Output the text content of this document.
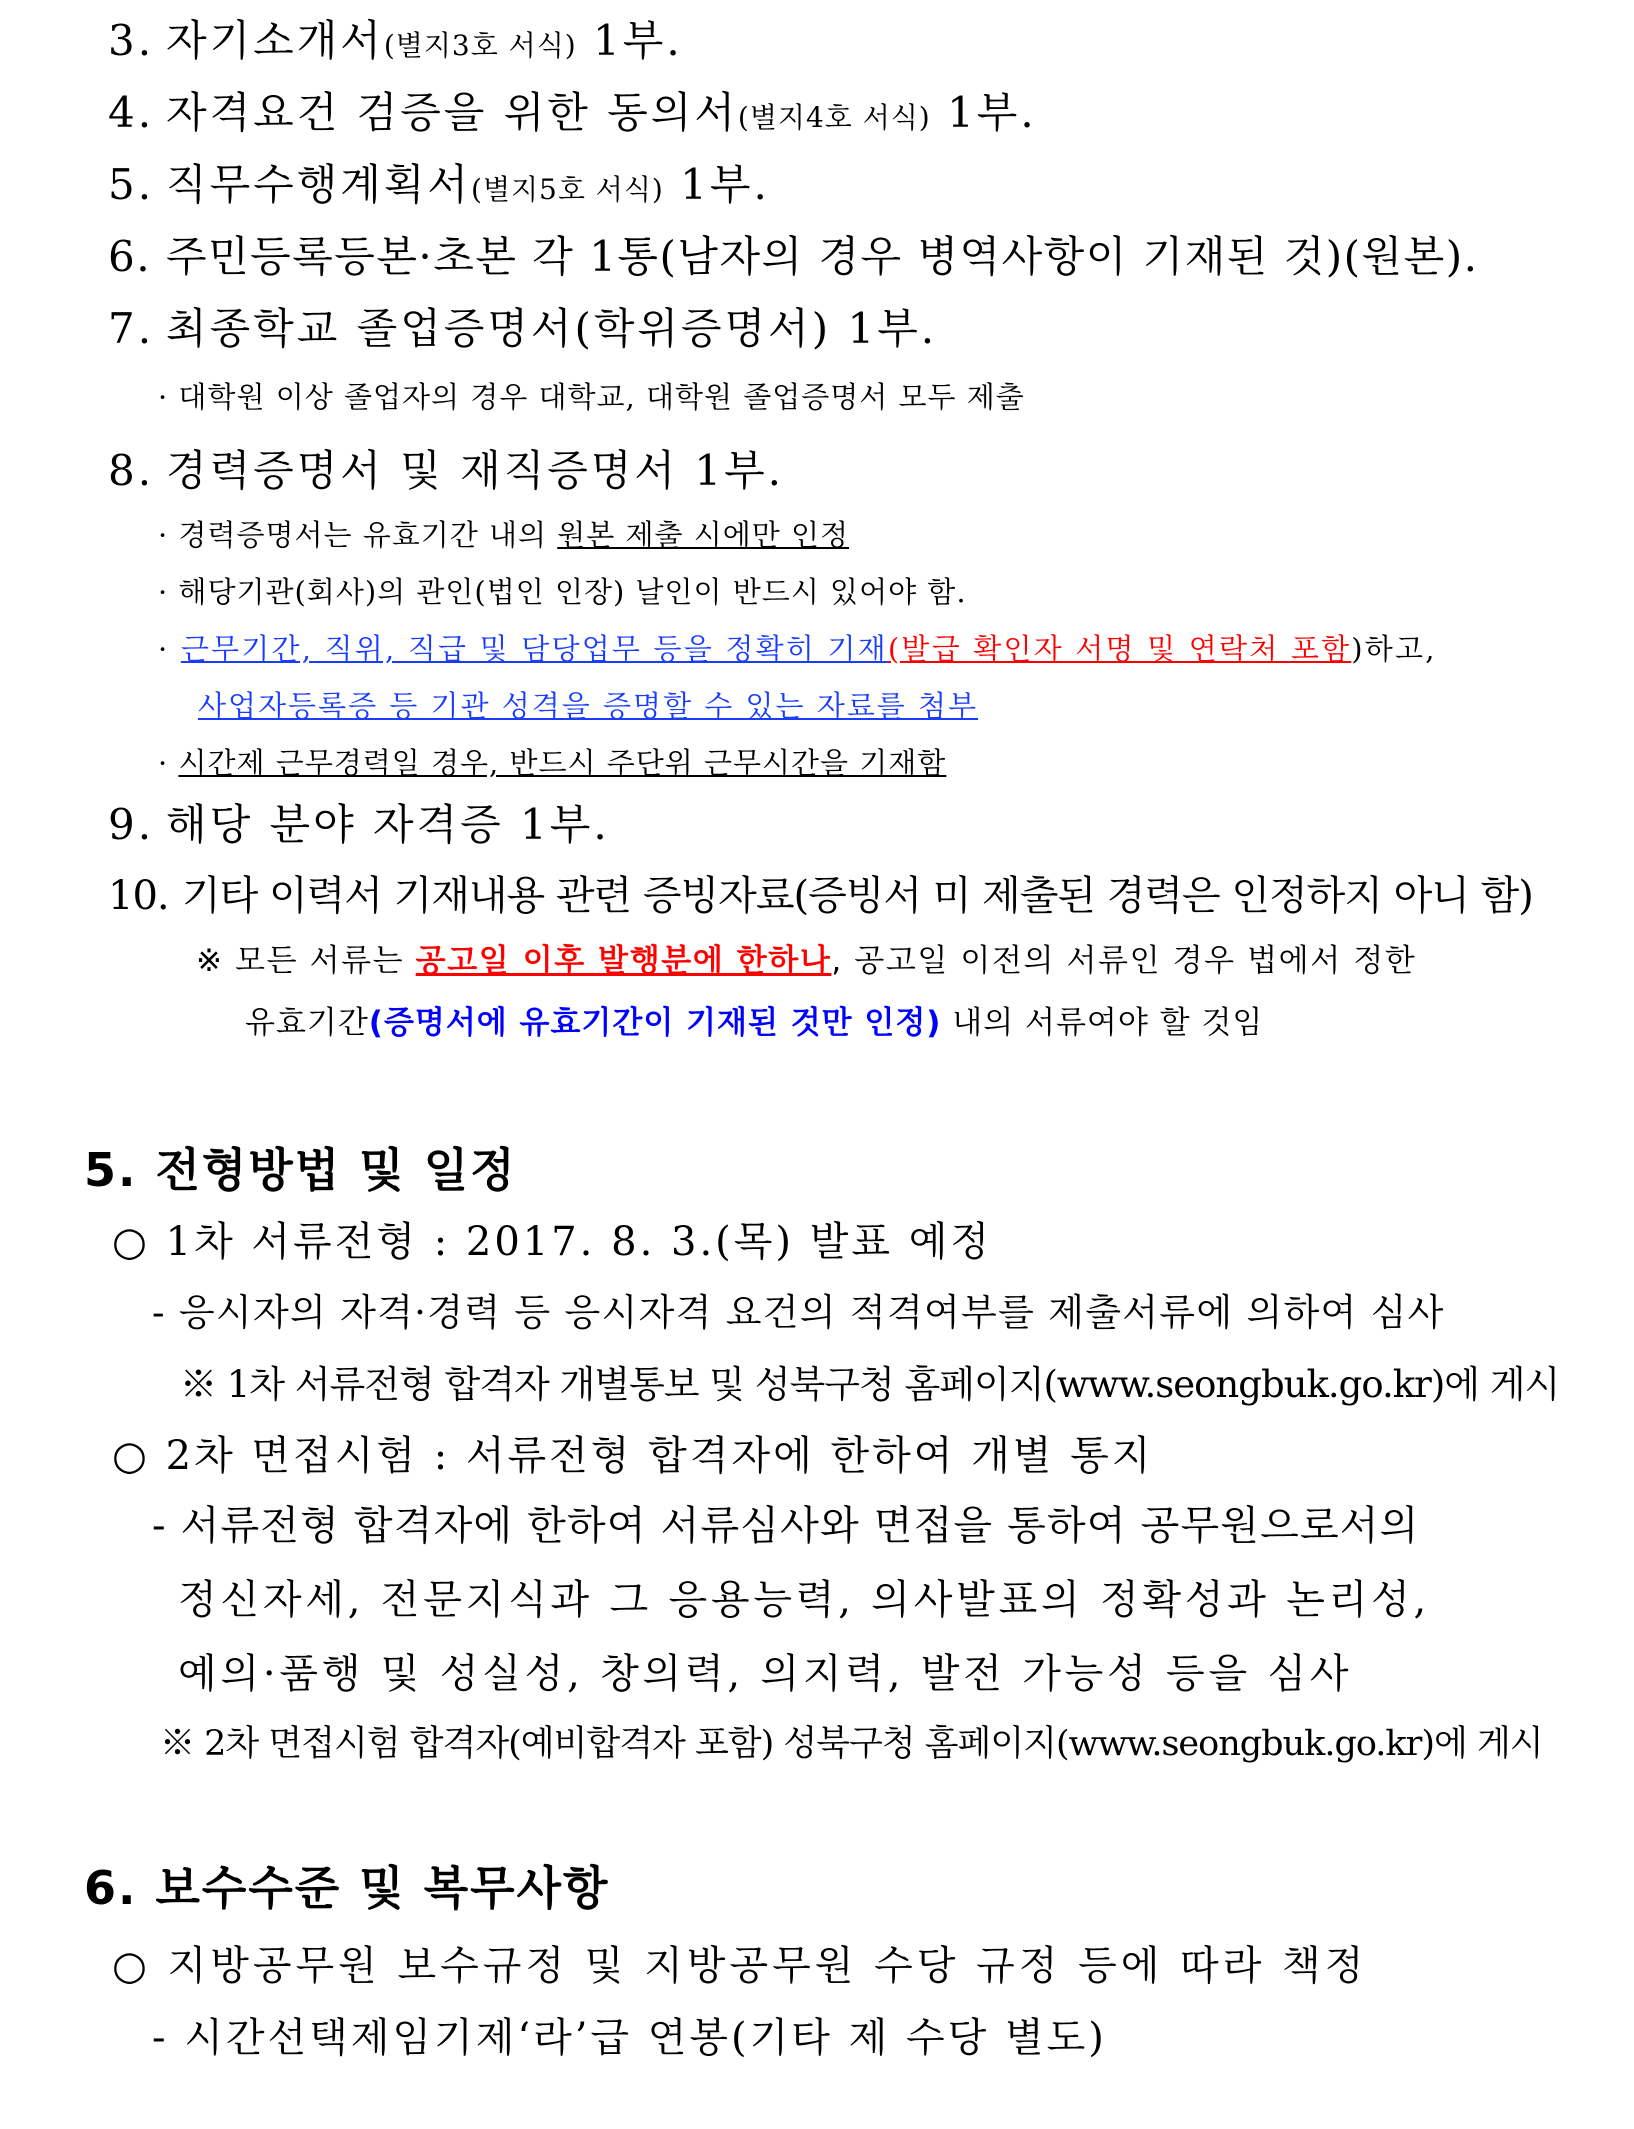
3. 자기소개서(별지3호 서식) 1부.
4. 자격요건 검증을 위한 동의서(별지4호 서식) 1부.
5. 직무수행계획서(별지5호 서식) 1부.
6. 주민등록등본·초본 각 1통(남자의 경우 병역사항이 기재된 것)(원본).
7. 최종학교 졸업증명서(학위증명서) 1부.
· 대학원 이상 졸업자의 경우 대학교, 대학원 졸업증명서 모두 제출
8. 경력증명서 및 재직증명서 1부.
· 경력증명서는 유효기간 내의 원본 제출 시에만 인정
· 해당기관(회사)의 관인(법인 인장) 날인이 반드시 있어야 함.
· 근무기간, 직위, 직급 및 담당업무 등을 정확히 기재(발급 확인자 서명 및 연락처 포함)하고,
사업자등록증 등 기관 성격을 증명할 수 있는 자료를 첨부
· 시간제 근무경력일 경우, 반드시 주단위 근무시간을 기재함
9. 해당 분야 자격증 1부.
10. 기타 이력서 기재내용 관련 증빙자료(증빙서 미 제출된 경력은 인정하지 아니 함)
※ 모든 서류는 공고일 이후 발행분에 한하나, 공고일 이전의 서류인 경우 법에서 정한
유효기간(증명서에 유효기간이 기재된 것만 인정) 내의 서류여야 할 것임
5. 전형방법 및 일정
○ 1차 서류전형 : 2017. 8. 3.(목) 발표 예정
- 응시자의 자격·경력 등 응시자격 요건의 적격여부를 제출서류에 의하여 심사
※ 1차 서류전형 합격자 개별통보 및 성북구청 홈페이지(www.seongbuk.go.kr)에 게시
○ 2차 면접시험 : 서류전형 합격자에 한하여 개별 통지
- 서류전형 합격자에 한하여 서류심사와 면접을 통하여 공무원으로서의
정신자세, 전문지식과 그 응용능력, 의사발표의 정확성과 논리성,
예의·품행 및 성실성, 창의력, 의지력, 발전 가능성 등을 심사
※ 2차 면접시험 합격자(예비합격자 포함) 성북구청 홈페이지(www.seongbuk.go.kr)에 게시
6. 보수수준 및 복무사항
○ 지방공무원 보수규정 및 지방공무원 수당 규정 등에 따라 책정
- 시간선택제임기제‘라’급 연봉(기타 제 수당 별도)
